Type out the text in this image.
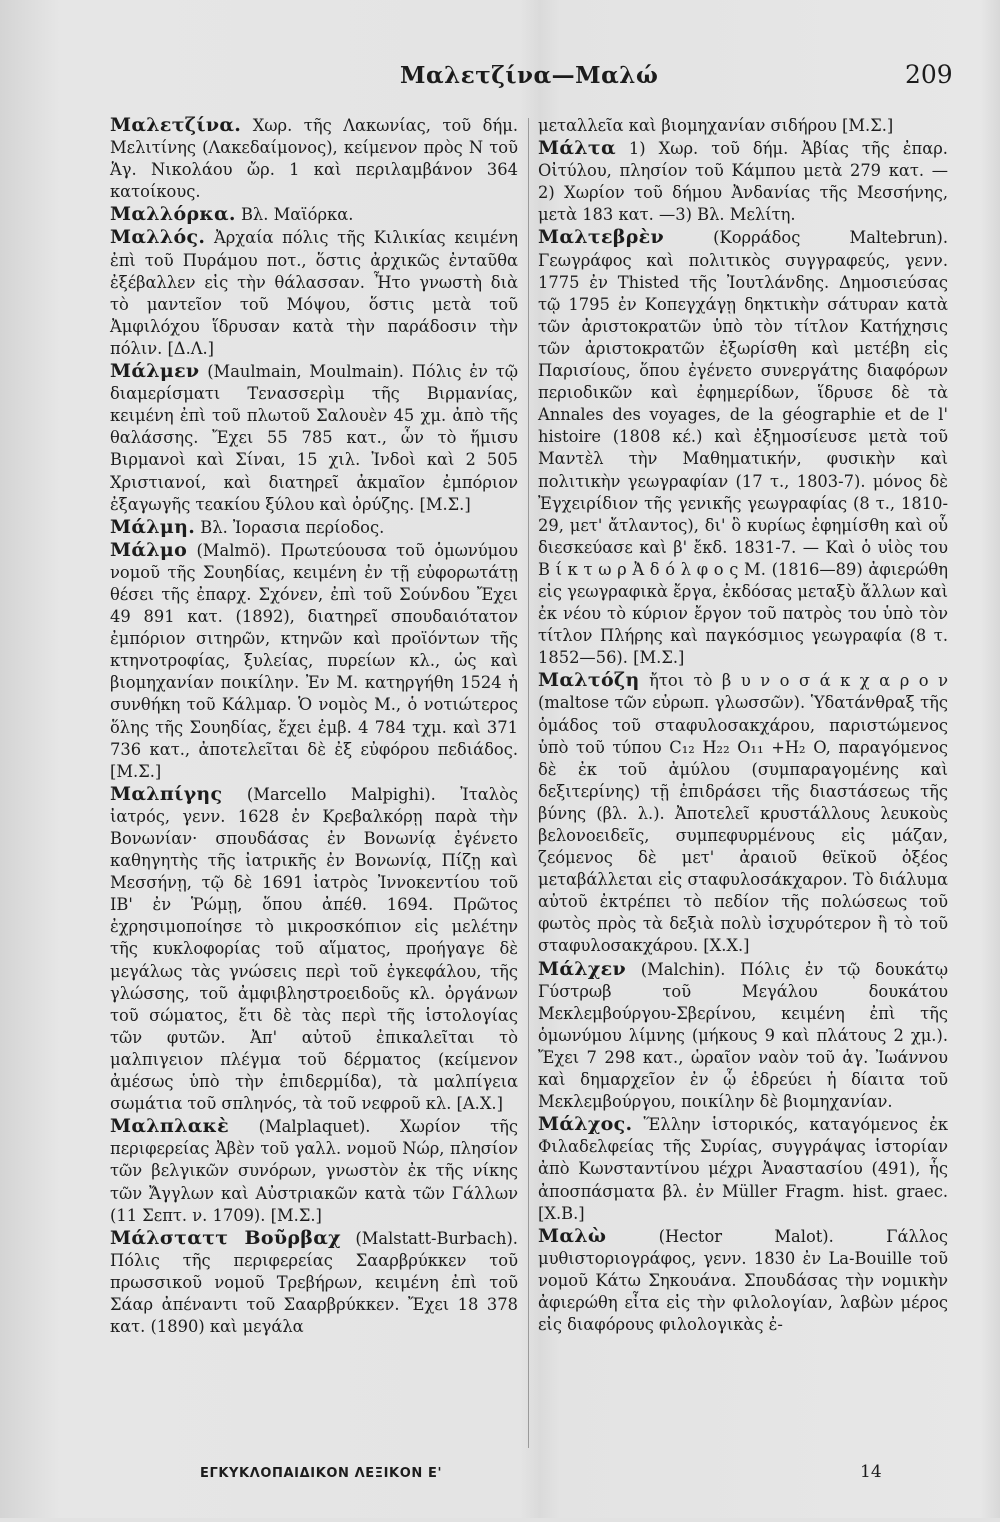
Μαλετζίνα—Μαλώ	209

Μαλετζίνα. Χωρ. τῆς Λακωνίας, τοῦ δήμ. Μελιτίνης (Λακεδαίμονος), κείμενον πρὸς Ν τοῦ Ἁγ. Νικολάου ὤρ. 1 καὶ περιλαμβάνον 364 κατοίκους.

Μαλλόρκα. Βλ. Μαϊόρκα.

Μαλλός. Ἀρχαία πόλις τῆς Κιλικίας κειμένη ἐπὶ τοῦ Πυράμου ποτ., ὅστις ἀρχικῶς ἐνταῦθα ἐξέβαλλεν εἰς τὴν θάλασσαν. Ἦτο γνωστὴ διὰ τὸ μαντεῖον τοῦ Μόψου, ὅστις μετὰ τοῦ Ἀμφιλόχου ἵδρυσαν κατὰ τὴν παράδοσιν τὴν πόλιν. [Δ.Λ.]

Μάλμεν (Maulmain, Moulmain). Πόλις ἐν τῷ διαμερίσματι Τενασσερὶμ τῆς Βιρμανίας, κειμένη ἐπὶ τοῦ πλωτοῦ Σαλουὲν 45 χμ. ἀπὸ τῆς θαλάσσης. Ἔχει 55 785 κατ., ὧν τὸ ἥμισυ Βιρμανοὶ καὶ Σίναι, 15 χιλ. Ἰνδοὶ καὶ 2 505 Χριστιανοί, καὶ διατηρεῖ ἀκμαῖον ἐμπόριον ἐξαγωγῆς τεακίου ξύλου καὶ ὀρύζης. [Μ.Σ.]

Μάλμη. Βλ. Ἰορασια περίοδος.

Μάλμο (Malmö). Πρωτεύουσα τοῦ ὁμωνύμου νομοῦ τῆς Σουηδίας, κειμένη ἐν τῇ εὐφορωτάτῃ θέσει τῆς ἐπαρχ. Σχόνεν, ἐπὶ τοῦ Σούνδου Ἔχει 49 891 κατ. (1892), διατηρεῖ σπουδαιότατον ἐμπόριον σιτηρῶν, κτηνῶν καὶ προϊόντων τῆς κτηνοτροφίας, ξυλείας, πυρείων κλ., ὡς καὶ βιομηχανίαν ποικίλην. Ἐν Μ. κατηργήθη 1524 ἡ συνθήκη τοῦ Κάλμαρ. Ὁ νομὸς Μ., ὁ νοτιώτερος ὅλης τῆς Σουηδίας, ἔχει ἐμβ. 4 784 τχμ. καὶ 371 736 κατ., ἀποτελεῖται δὲ ἐξ εὐφόρου πεδιάδος. [Μ.Σ.]

Μαλπίγης (Marcello Malpighi). Ἰταλὸς ἰατρός, γενν. 1628 ἐν Κρεβαλκόρῃ παρὰ τὴν Βονωνίαν· σπουδάσας ἐν Βονωνίᾳ ἐγένετο καθηγητὴς τῆς ἰατρικῆς ἐν Βονωνίᾳ, Πίζῃ καὶ Μεσσήνῃ, τῷ δὲ 1691 ἰατρὸς Ἰννοκεντίου τοῦ ΙΒ' ἐν Ῥώμῃ, ὅπου ἀπέθ. 1694. Πρῶτος ἐχρησιμοποίησε τὸ μικροσκόπιον εἰς μελέτην τῆς κυκλοφορίας τοῦ αἵματος, προήγαγε δὲ μεγάλως τὰς γνώσεις περὶ τοῦ ἐγκεφάλου, τῆς γλώσσης, τοῦ ἀμφιβληστροειδοῦς κλ. ὀργάνων τοῦ σώματος, ἔτι δὲ τὰς περὶ τῆς ἱστολογίας τῶν φυτῶν. Ἀπ' αὐτοῦ ἐπικαλεῖται τὸ μαλπιγειον πλέγμα τοῦ δέρματος (κείμενον ἀμέσως ὑπὸ τὴν ἐπιδερμίδα), τὰ μαλπίγεια σωμάτια τοῦ σπληνός, τὰ τοῦ νεφροῦ κλ. [Α.Χ.]

Μαλπλακὲ (Malplaquet). Χωρίον τῆς περιφερείας Ἀβὲν τοῦ γαλλ. νομοῦ Νώρ, πλησίον τῶν βελγικῶν συνόρων, γνωστὸν ἐκ τῆς νίκης τῶν Ἄγγλων καὶ Αὐστριακῶν κατὰ τῶν Γάλλων (11 Σεπτ. ν. 1709). [Μ.Σ.]

Μάλσταττ Βοῦρβαχ (Malstatt-Burbach). Πόλις τῆς περιφερείας Σααρβρύκκεν τοῦ πρωσσικοῦ νομοῦ Τρεβήρων, κειμένη ἐπὶ τοῦ Σάαρ ἀπέναντι τοῦ Σααρβρύκκεν. Ἔχει 18 378 κατ. (1890) καὶ μεγάλα

μεταλλεῖα καὶ βιομηχανίαν σιδήρου [Μ.Σ.]

Μάλτα 1) Χωρ. τοῦ δήμ. Ἀβίας τῆς ἐπαρ. Οἰτύλου, πλησίον τοῦ Κάμπου μετὰ 279 κατ. — 2) Χωρίον τοῦ δήμου Ἀνδανίας τῆς Μεσσήνης, μετὰ 183 κατ. —3) Βλ. Μελίτη.

Μαλτεβρὲν (Κορράδος Maltebrun). Γεωγράφος καὶ πολιτικὸς συγγραφεύς, γενν. 1775 ἐν Thisted τῆς Ἰουτλάνδης. Δημοσιεύσας τῷ 1795 ἐν Κοπεγχάγῃ δηκτικὴν σάτυραν κατὰ τῶν ἀριστοκρατῶν ὑπὸ τὸν τίτλον Κατήχησις τῶν ἀριστοκρατῶν ἐξωρίσθη καὶ μετέβη εἰς Παρισίους, ὅπου ἐγένετο συνεργάτης διαφόρων περιοδικῶν καὶ ἐφημερίδων, ἵδρυσε δὲ τὰ Annales des voyages, de la géographie et de l' histoire (1808 κέ.) καὶ ἐξημοσίευσε μετὰ τοῦ Μαντὲλ τὴν Μαθηματικήν, φυσικὴν καὶ πολιτικὴν γεωγραφίαν (17 τ., 1803-7). μόνος δὲ Ἐγχειρίδιον τῆς γενικῆς γεωγραφίας (8 τ., 1810-29, μετ' ἄτλαντος), δι' ὃ κυρίως ἐφημίσθη καὶ οὗ διεσκεύασε καὶ β' ἔκδ. 1831-7. — Καὶ ὁ υἱὸς του Β ί κ τ ω ρ Ἀ δ ό λ φ ο ς Μ. (1816—89) ἀφιερώθη εἰς γεωγραφικὰ ἔργα, ἐκδόσας μεταξὺ ἄλλων καὶ ἐκ νέου τὸ κύριον ἔργον τοῦ πατρὸς του ὑπὸ τὸν τίτλον Πλήρης καὶ παγκόσμιος γεωγραφία (8 τ. 1852—56). [Μ.Σ.]

Μαλτόζη ἤτοι τὸ β υ ν ο σ ά κ χ α ρ ο ν (maltose τῶν εὐρωπ. γλωσσῶν). Ὑδατάνθραξ τῆς ὁμάδος τοῦ σταφυλοσακχάρου, παριστώμενος ὑπὸ τοῦ τύπου C₁₂ H₂₂ O₁₁ +H₂ O, παραγόμενος δὲ ἐκ τοῦ ἀμύλου (συμπαραγομένης καὶ δεξιτερίνης) τῇ ἐπιδράσει τῆς διαστάσεως τῆς βύνης (βλ. λ.). Ἀποτελεῖ κρυστάλλους λευκοὺς βελονοειδεῖς, συμπεφυρμένους εἰς μάζαν, ζεόμενος δὲ μετ' ἀραιοῦ θεϊκοῦ ὀξέος μεταβάλλεται εἰς σταφυλοσάκχαρον. Τὸ διάλυμα αὐτοῦ ἐκτρέπει τὸ πεδίον τῆς πολώσεως τοῦ φωτὸς πρὸς τὰ δεξιὰ πολὺ ἰσχυρότερον ἢ τὸ τοῦ σταφυλοσακχάρου. [Χ.Χ.]

Μάλχεν (Malchin). Πόλις ἐν τῷ δουκάτῳ Γύστρωβ τοῦ Μεγάλου δουκάτου Μεκλεμβούργου-Σβερίνου, κειμένη ἐπὶ τῆς ὁμωνύμου λίμνης (μήκους 9 καὶ πλάτους 2 χμ.). Ἔχει 7 298 κατ., ὡραῖον ναὸν τοῦ ἁγ. Ἰωάννου καὶ δημαρχεῖον ἐν ᾧ ἑδρεύει ἡ δίαιτα τοῦ Μεκλεμβούργου, ποικίλην δὲ βιομηχανίαν.

Μάλχος. Ἕλλην ἱστορικός, καταγόμενος ἐκ Φιλαδελφείας τῆς Συρίας, συγγράψας ἱστορίαν ἀπὸ Κωνσταντίνου μέχρι Ἀναστασίου (491), ἧς ἀποσπάσματα βλ. ἐν Müller Fragm. hist. graec. [Χ.Β.]

Μαλὼ (Hector Malot). Γάλλος μυθιστοριογράφος, γενν. 1830 ἐν La-Bouille τοῦ νομοῦ Κάτω Σηκουάνα. Σπουδάσας τὴν νομικὴν ἀφιερώθη εἶτα εἰς τὴν φιλολογίαν, λαβὼν μέρος εἰς διαφόρους φιλολογικὰς ἐ-

ΕΓΚΥΚΛΟΠΑΙΔΙΚΟΝ ΛΕΞΙΚΟΝ Ε'	14
